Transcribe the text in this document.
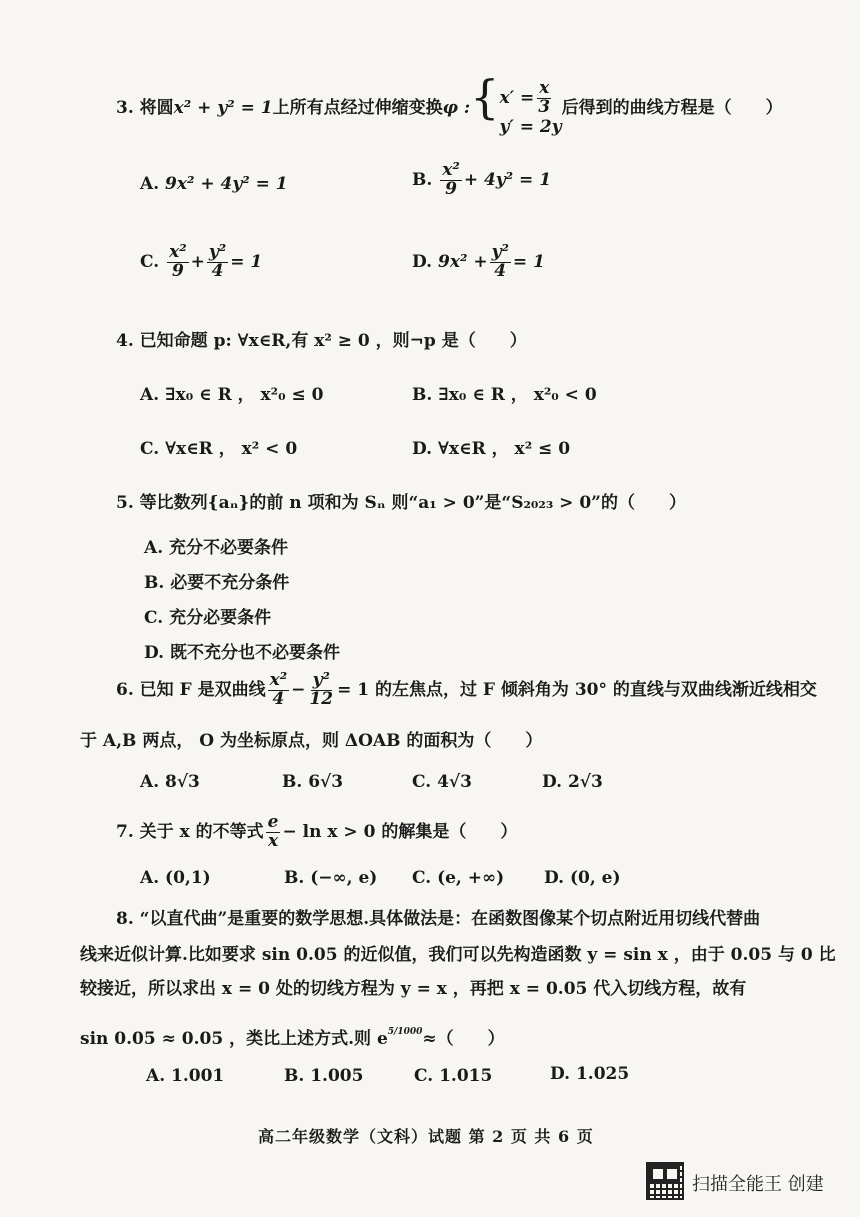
3. 将圆x² + y² = 1上所有点经过伸缩变换φ :{ $x' = \frac{x}{3}$
y′ = 2y
后得到的曲线方程是（　　）
A. 9x² + 4y² = 1	B. $\frac{\text{x²}}{9} + 4y^2 = 1$
C. $\frac{\text{x²}}{9} + \frac{\text{y²}}{4} = 1$	D. $9x^2 + \frac{\text{y²}}{4} = 1$
4. 已知命题 p: ∀x∈R,有 x² ≥ 0 ，则¬p 是（　　）
A. ∃x₀ ∈ R ， x²₀ ≤ 0	B. ∃x₀ ∈ R ， x²₀ < 0
C. ∀x∈R ， x² < 0	D. ∀x∈R ， x² ≤ 0
5. 等比数列{aₙ}的前 n 项和为 Sₙ 则“a₁ > 0”是“S₂₀₂₃ > 0”的（　　）
A. 充分不必要条件
B. 必要不充分条件
C. 充分必要条件
D. 既不充分也不必要条件
6. 已知 F 是双曲线 $\frac{\text{x²}}{4} - \frac{\text{y²}}{12} = 1$ 的左焦点，过 F 倾斜角为 30° 的直线与双曲线渐近线相交
于 A,B 两点， O 为坐标原点，则 ΔOAB 的面积为（　　）
A. 8√3	B. 6√3	C. 4√3	D. 2√3
7. 关于 x 的不等式 $\frac{e}{x} - \ln x > 0$ 的解集是（　　）
A. (0,1)	B. (−∞, e) C. (e, +∞) D. (0, e)
8. “以直代曲”是重要的数学思想.具体做法是：在函数图像某个切点附近用切线代替曲
线来近似计算.比如要求 sin 0.05 的近似值，我们可以先构造函数 y = sin x ，由于 0.05 与 0 比
较接近，所以求出 x = 0 处的切线方程为 y = x ，再把 x = 0.05 代入切线方程，故有
sin 0.05 ≈ 0.05 ，类比上述方式.则 $e^{5/1000}\approx$（　　）
A. 1.001	B. 1.005	C. 1.015	D. 1.025
高二年级数学（文科）试题 第 2 页 共 6 页
扫描全能王 创建
